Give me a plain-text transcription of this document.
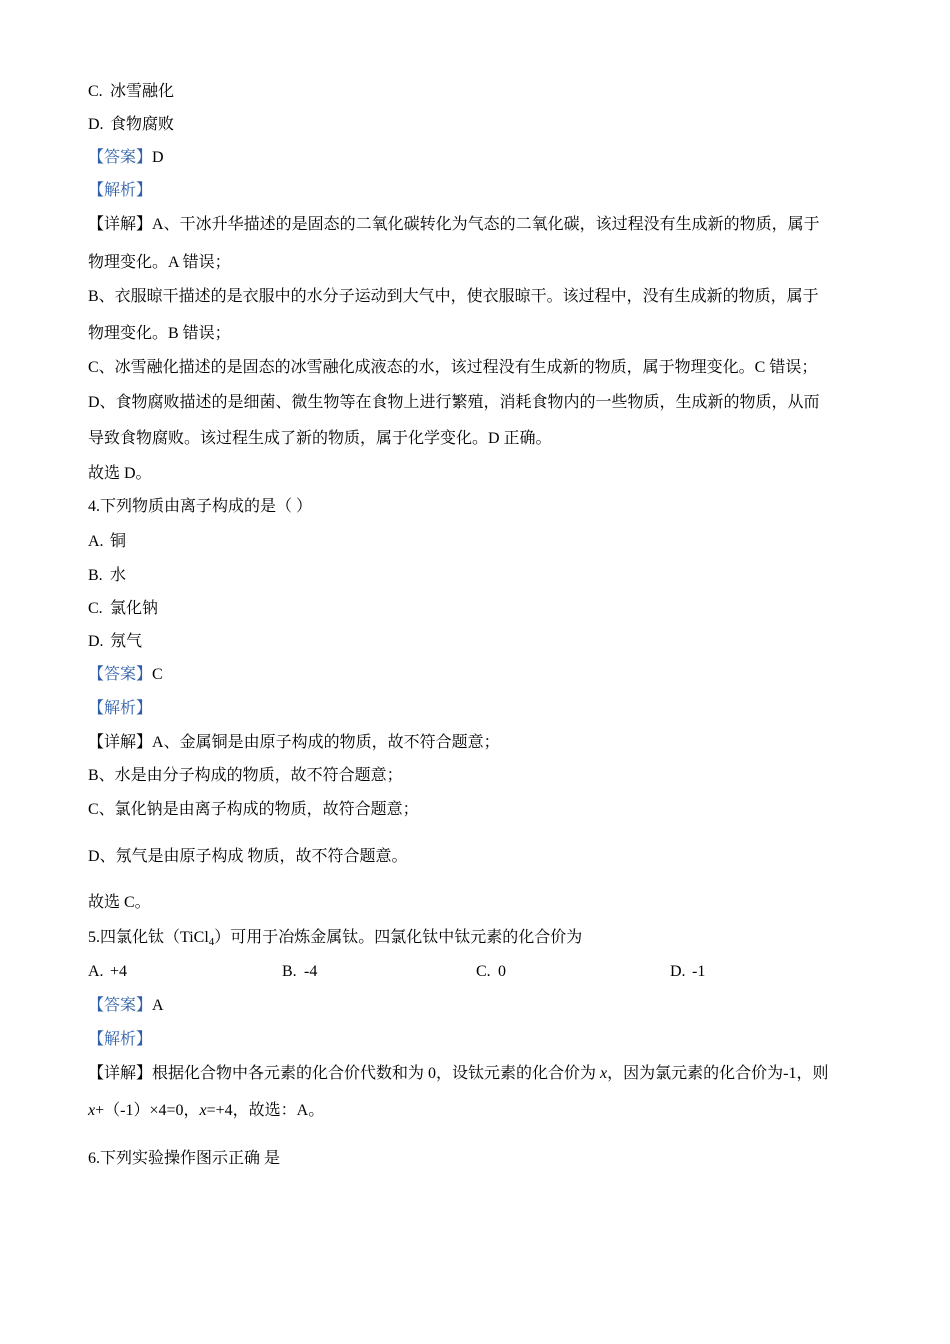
C. 冰雪融化
D. 食物腐败
【答案】D
【解析】
【详解】A、干冰升华描述的是固态的二氧化碳转化为气态的二氧化碳，该过程没有生成新的物质，属于
物理变化。A 错误；
B、衣服晾干描述的是衣服中的水分子运动到大气中，使衣服晾干。该过程中，没有生成新的物质，属于
物理变化。B 错误；
C、冰雪融化描述的是固态的冰雪融化成液态的水，该过程没有生成新的物质，属于物理变化。C 错误；
D、食物腐败描述的是细菌、微生物等在食物上进行繁殖，消耗食物内的一些物质，生成新的物质，从而
导致食物腐败。该过程生成了新的物质，属于化学变化。D 正确。
故选 D。
4.下列物质由离子构成的是（ ）
A. 铜
B. 水
C. 氯化钠
D. 氖气
【答案】C
【解析】
【详解】A、金属铜是由原子构成的物质，故不符合题意；
B、水是由分子构成的物质，故不符合题意；
C、氯化钠是由离子构成的物质，故符合题意；
D、氖气是由原子构成 物质，故不符合题意。
故选 C。
5.四氯化钛（TiCl$_4$）可用于冶炼金属钛。四氯化钛中钛元素的化合价为
A. +4	B. -4	C. 0	D. -1
【答案】A
【解析】
【详解】根据化合物中各元素的化合价代数和为 0，设钛元素的化合价为 x，因为氯元素的化合价为-1，则
x+（-1）×4=0，x=+4，故选：A。
6.下列实验操作图示正确 是
